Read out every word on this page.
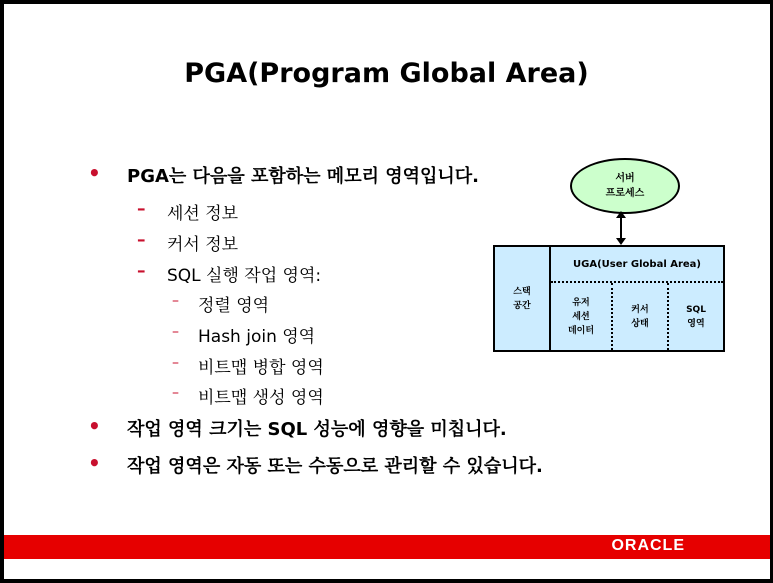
PGA(Program Global Area)
• PGA는 다음을 포함하는 메모리 영역입니다.
– 세션 정보
– 커서 정보
– SQL 실행 작업 영역:
– 정렬 영역
– Hash join 영역
– 비트맵 병합 영역
– 비트맵 생성 영역
• 작업 영역 크기는 SQL 성능에 영향을 미칩니다.
• 작업 영역은 자동 또는 수동으로 관리할 수 있습니다.
서버
프로세스
스택
공간
UGA(User Global Area)
유저
세션
데이터
커서
상태
SQL
영역
ORACLE
